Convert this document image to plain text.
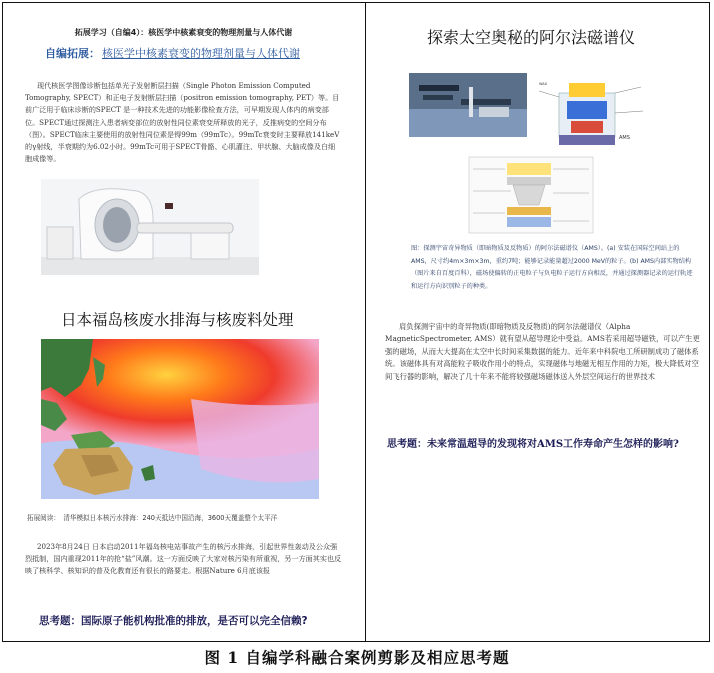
拓展学习（自编4）：核医学中核素衰变的物理剂量与人体代谢
自编拓展： 核医学中核素衰变的物理剂量与人体代谢
现代核医学图像诊断包括单光子发射断层扫描（Single Photon Emission Computed Tomography, SPECT）和正电子发射断层扫描（positron emission tomography, PET）等。目前广泛用于临床诊断的SPECT 是一种技术先进的功能影像检查方法，可早期发现人体内的病变部位。SPECT通过探测注入患者病变部位的放射性同位素衰变所释放的光子，反推病变的空间分布（图）。SPECT临床主要使用的放射性同位素是锝99m（99mTc）。99mTc衰变时主要释放141keV的γ射线，半衰期约为6.02小时。99mTc可用于SPECT骨骼、心肌灌注、甲状腺、大脑成像及白细胞成像等。
日本福岛核废水排海与核废料处理
拓展阅读：　清华模拟日本核污水排海：240天抵达中国沿海，3600天覆盖整个太平洋
2023年8月24日 日本启动2011年福岛核电站事故产生的核污水排海，引起世界性轰动及公众强烈抵制，国内重现2011年的抢“盐”风潮。这一方面反映了大家对核污染有所重视，另一方面其实也反映了核科学、核知识的普及化教育还有很长的路要走。根据Nature 6月底该报
思考题：国际原子能机构批准的排放，是否可以完全信赖?
探索太空奥秘的阿尔法磁谱仪
AMS
WAX
图：探测宇宙奇异物质（即暗物质及反物质）的阿尔法磁谱仪（AMS）。(a) 安装在国际空间站上的AMS，尺寸约4m×3m×3m，重约7吨；能够记录能量超过2000 MeV的粒子。(b) AMS内部实物结构（图片来自百度百科），磁场使偏转的正电粒子与负电粒子运行方向相反，并通过探测器记录的运行轨迹和运行方向识别粒子的种类。
肩负探测宇宙中的奇异物质(即暗物质及反物质)的阿尔法磁谱仪（Alpha MagneticSpectrometer, AMS）就有望从超导理论中受益。AMS若采用超导磁铁，可以产生更强的磁场，从而大大提高在太空中长时间采集数据的能力。近年来中科院电工所研制成功了磁体系统。该磁体具有对高能粒子吸收作用小的特点，实现磁体与地磁无相互作用的力矩，极大降低对空间飞行器的影响，解决了几十年来不能将较强磁场磁体送入外层空间运行的世界技术
思考题：未来常温超导的发现将对AMS工作寿命产生怎样的影响?
图 1 自编学科融合案例剪影及相应思考题
